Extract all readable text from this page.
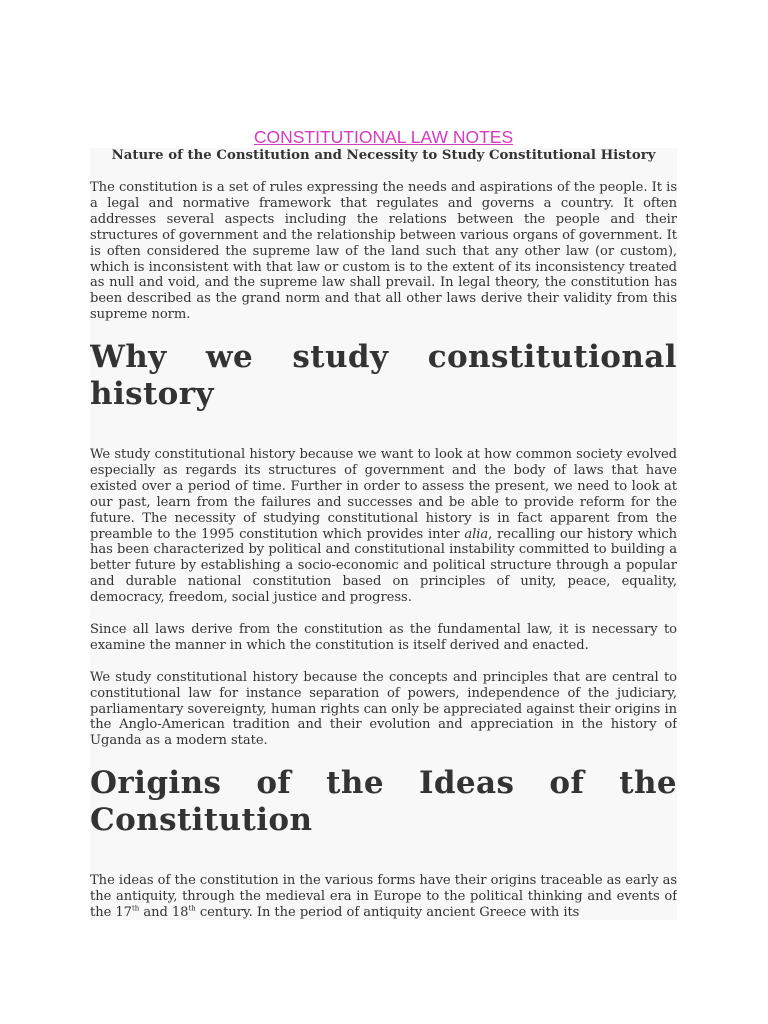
CONSTITUTIONAL LAW NOTES

Nature of the Constitution and Necessity to Study Constitutional History

The constitution is a set of rules expressing the needs and aspirations of the people. It is a legal and normative framework that regulates and governs a country. It often addresses several aspects including the relations between the people and their structures of government and the relationship between various organs of government. It is often considered the supreme law of the land such that any other law (or custom), which is inconsistent with that law or custom is to the extent of its inconsistency treated as null and void, and the supreme law shall prevail. In legal theory, the constitution has been described as the grand norm and that all other laws derive their validity from this supreme norm.

Why we study constitutional
history

We study constitutional history because we want to look at how common society evolved especially as regards its structures of government and the body of laws that have existed over a period of time. Further in order to assess the present, we need to look at our past, learn from the failures and successes and be able to provide reform for the future. The necessity of studying constitutional history is in fact apparent from the preamble to the 1995 constitution which provides inter alia, recalling our history which has been characterized by political and constitutional instability committed to building a better future by establishing a socio-economic and political structure through a popular and durable national constitution based on principles of unity, peace, equality, democracy, freedom, social justice and progress.

Since all laws derive from the constitution as the fundamental law, it is necessary to examine the manner in which the constitution is itself derived and enacted.

We study constitutional history because the concepts and principles that are central to constitutional law for instance separation of powers, independence of the judiciary, parliamentary sovereignty, human rights can only be appreciated against their origins in the Anglo-American tradition and their evolution and appreciation in the history of Uganda as a modern state.

Origins of the Ideas of the
Constitution

The ideas of the constitution in the various forms have their origins traceable as early as the antiquity, through the medieval era in Europe to the political thinking and events of the 17th and 18th century. In the period of antiquity ancient Greece with its
